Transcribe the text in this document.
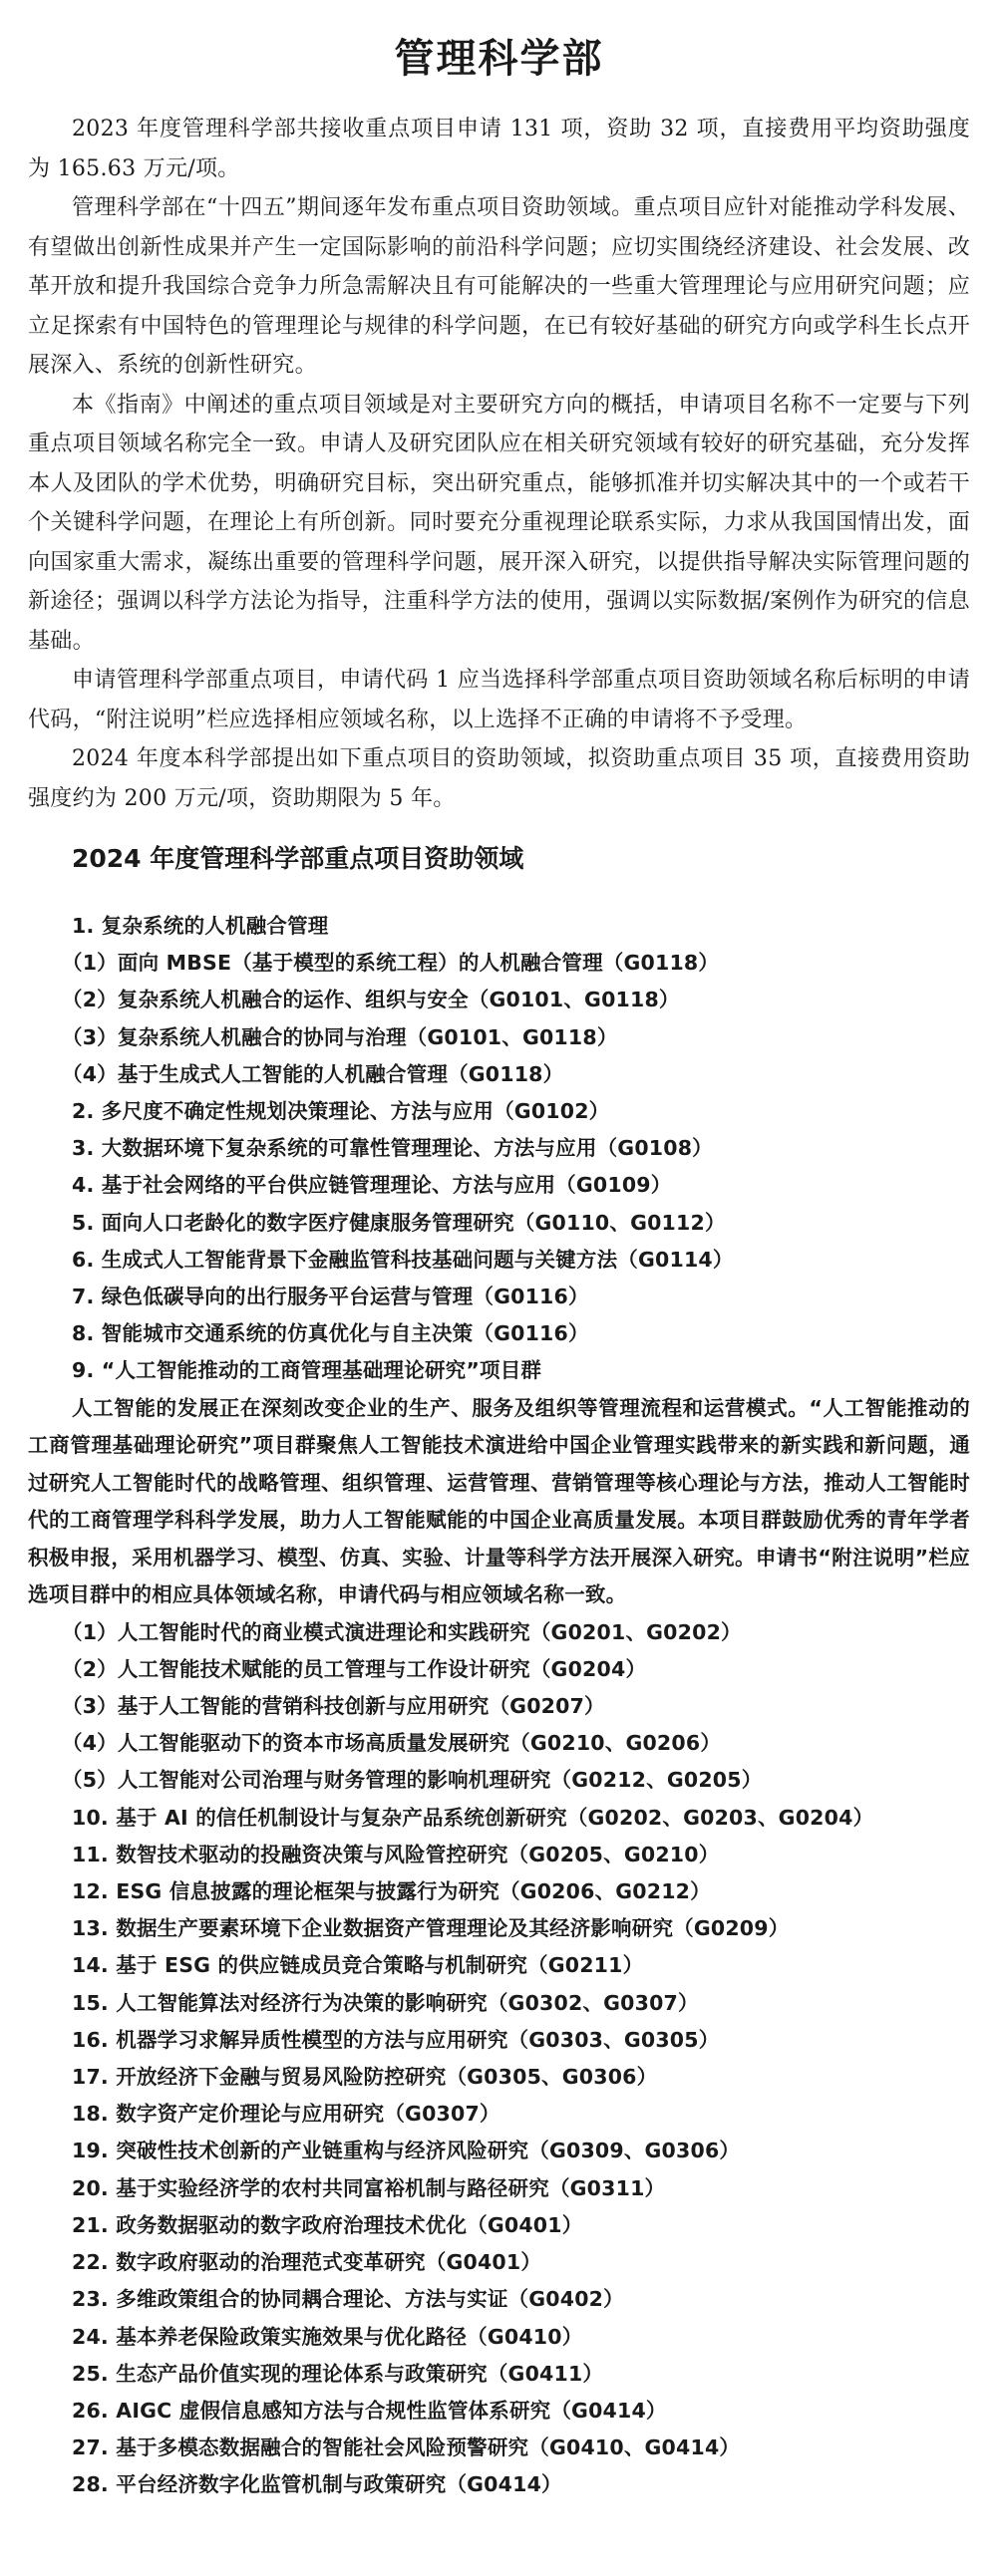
管理科学部

2023 年度管理科学部共接收重点项目申请 131 项，资助 32 项，直接费用平均资助强度为 165.63 万元/项。

管理科学部在“十四五”期间逐年发布重点项目资助领域。重点项目应针对能推动学科发展、有望做出创新性成果并产生一定国际影响的前沿科学问题；应切实围绕经济建设、社会发展、改革开放和提升我国综合竞争力所急需解决且有可能解决的一些重大管理理论与应用研究问题；应立足探索有中国特色的管理理论与规律的科学问题，在已有较好基础的研究方向或学科生长点开展深入、系统的创新性研究。

本《指南》中阐述的重点项目领域是对主要研究方向的概括，申请项目名称不一定要与下列重点项目领域名称完全一致。申请人及研究团队应在相关研究领域有较好的研究基础，充分发挥本人及团队的学术优势，明确研究目标，突出研究重点，能够抓准并切实解决其中的一个或若干个关键科学问题，在理论上有所创新。同时要充分重视理论联系实际，力求从我国国情出发，面向国家重大需求，凝练出重要的管理科学问题，展开深入研究，以提供指导解决实际管理问题的新途径；强调以科学方法论为指导，注重科学方法的使用，强调以实际数据/案例作为研究的信息基础。

申请管理科学部重点项目，申请代码 1 应当选择科学部重点项目资助领域名称后标明的申请代码，“附注说明”栏应选择相应领域名称，以上选择不正确的申请将不予受理。

2024 年度本科学部提出如下重点项目的资助领域，拟资助重点项目 35 项，直接费用资助强度约为 200 万元/项，资助期限为 5 年。

2024 年度管理科学部重点项目资助领域
1. 复杂系统的人机融合管理
（1）面向 MBSE（基于模型的系统工程）的人机融合管理（G0118）
（2）复杂系统人机融合的运作、组织与安全（G0101、G0118）
（3）复杂系统人机融合的协同与治理（G0101、G0118）
（4）基于生成式人工智能的人机融合管理（G0118）
2. 多尺度不确定性规划决策理论、方法与应用（G0102）
3. 大数据环境下复杂系统的可靠性管理理论、方法与应用（G0108）
4. 基于社会网络的平台供应链管理理论、方法与应用（G0109）
5. 面向人口老龄化的数字医疗健康服务管理研究（G0110、G0112）
6. 生成式人工智能背景下金融监管科技基础问题与关键方法（G0114）
7. 绿色低碳导向的出行服务平台运营与管理（G0116）
8. 智能城市交通系统的仿真优化与自主决策（G0116）
9. “人工智能推动的工商管理基础理论研究”项目群

人工智能的发展正在深刻改变企业的生产、服务及组织等管理流程和运营模式。“人工智能推动的工商管理基础理论研究”项目群聚焦人工智能技术演进给中国企业管理实践带来的新实践和新问题，通过研究人工智能时代的战略管理、组织管理、运营管理、营销管理等核心理论与方法，推动人工智能时代的工商管理学科科学发展，助力人工智能赋能的中国企业高质量发展。本项目群鼓励优秀的青年学者积极申报，采用机器学习、模型、仿真、实验、计量等科学方法开展深入研究。申请书“附注说明”栏应选项目群中的相应具体领域名称，申请代码与相应领域名称一致。

（1）人工智能时代的商业模式演进理论和实践研究（G0201、G0202）
（2）人工智能技术赋能的员工管理与工作设计研究（G0204）
（3）基于人工智能的营销科技创新与应用研究（G0207）
（4）人工智能驱动下的资本市场高质量发展研究（G0210、G0206）
（5）人工智能对公司治理与财务管理的影响机理研究（G0212、G0205）
10. 基于 AI 的信任机制设计与复杂产品系统创新研究（G0202、G0203、G0204）
11. 数智技术驱动的投融资决策与风险管控研究（G0205、G0210）
12. ESG 信息披露的理论框架与披露行为研究（G0206、G0212）
13. 数据生产要素环境下企业数据资产管理理论及其经济影响研究（G0209）
14. 基于 ESG 的供应链成员竞合策略与机制研究（G0211）
15. 人工智能算法对经济行为决策的影响研究（G0302、G0307）
16. 机器学习求解异质性模型的方法与应用研究（G0303、G0305）
17. 开放经济下金融与贸易风险防控研究（G0305、G0306）
18. 数字资产定价理论与应用研究（G0307）
19. 突破性技术创新的产业链重构与经济风险研究（G0309、G0306）
20. 基于实验经济学的农村共同富裕机制与路径研究（G0311）
21. 政务数据驱动的数字政府治理技术优化（G0401）
22. 数字政府驱动的治理范式变革研究（G0401）
23. 多维政策组合的协同耦合理论、方法与实证（G0402）
24. 基本养老保险政策实施效果与优化路径（G0410）
25. 生态产品价值实现的理论体系与政策研究（G0411）
26. AIGC 虚假信息感知方法与合规性监管体系研究（G0414）
27. 基于多模态数据融合的智能社会风险预警研究（G0410、G0414）
28. 平台经济数字化监管机制与政策研究（G0414）
